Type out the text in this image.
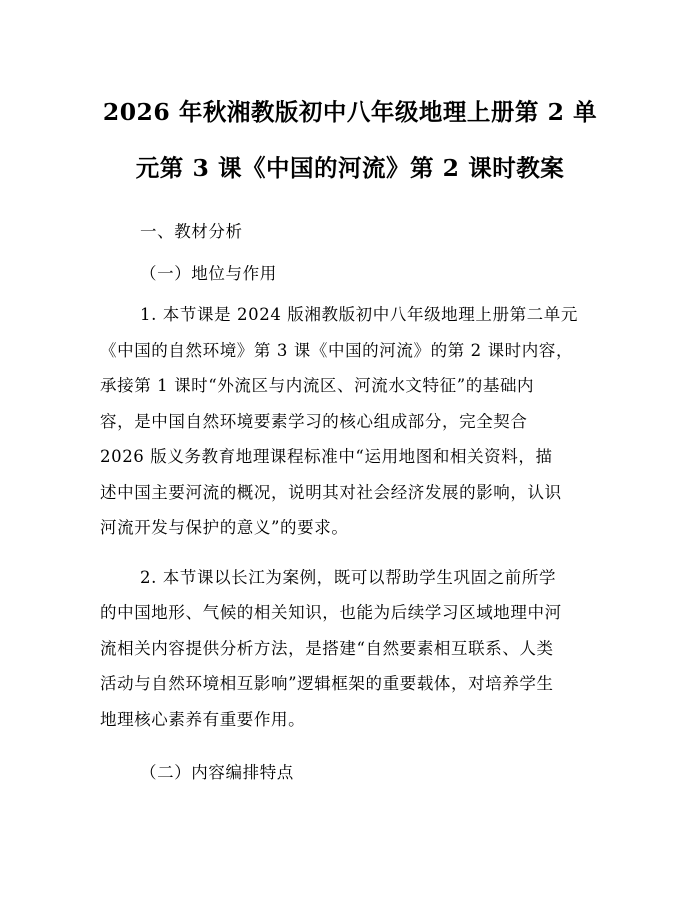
2026 年秋湘教版初中八年级地理上册第 2 单
元第 3 课《中国的河流》第 2 课时教案

一、教材分析

（一）地位与作用

1. 本节课是 2024 版湘教版初中八年级地理上册第二单元
《中国的自然环境》第 3 课《中国的河流》的第 2 课时内容，
承接第 1 课时“外流区与内流区、河流水文特征”的基础内
容，是中国自然环境要素学习的核心组成部分，完全契合
2026 版义务教育地理课程标准中“运用地图和相关资料，描
述中国主要河流的概况，说明其对社会经济发展的影响，认识
河流开发与保护的意义”的要求。

2. 本节课以长江为案例，既可以帮助学生巩固之前所学
的中国地形、气候的相关知识，也能为后续学习区域地理中河
流相关内容提供分析方法，是搭建“自然要素相互联系、人类
活动与自然环境相互影响”逻辑框架的重要载体，对培养学生
地理核心素养有重要作用。

（二）内容编排特点
